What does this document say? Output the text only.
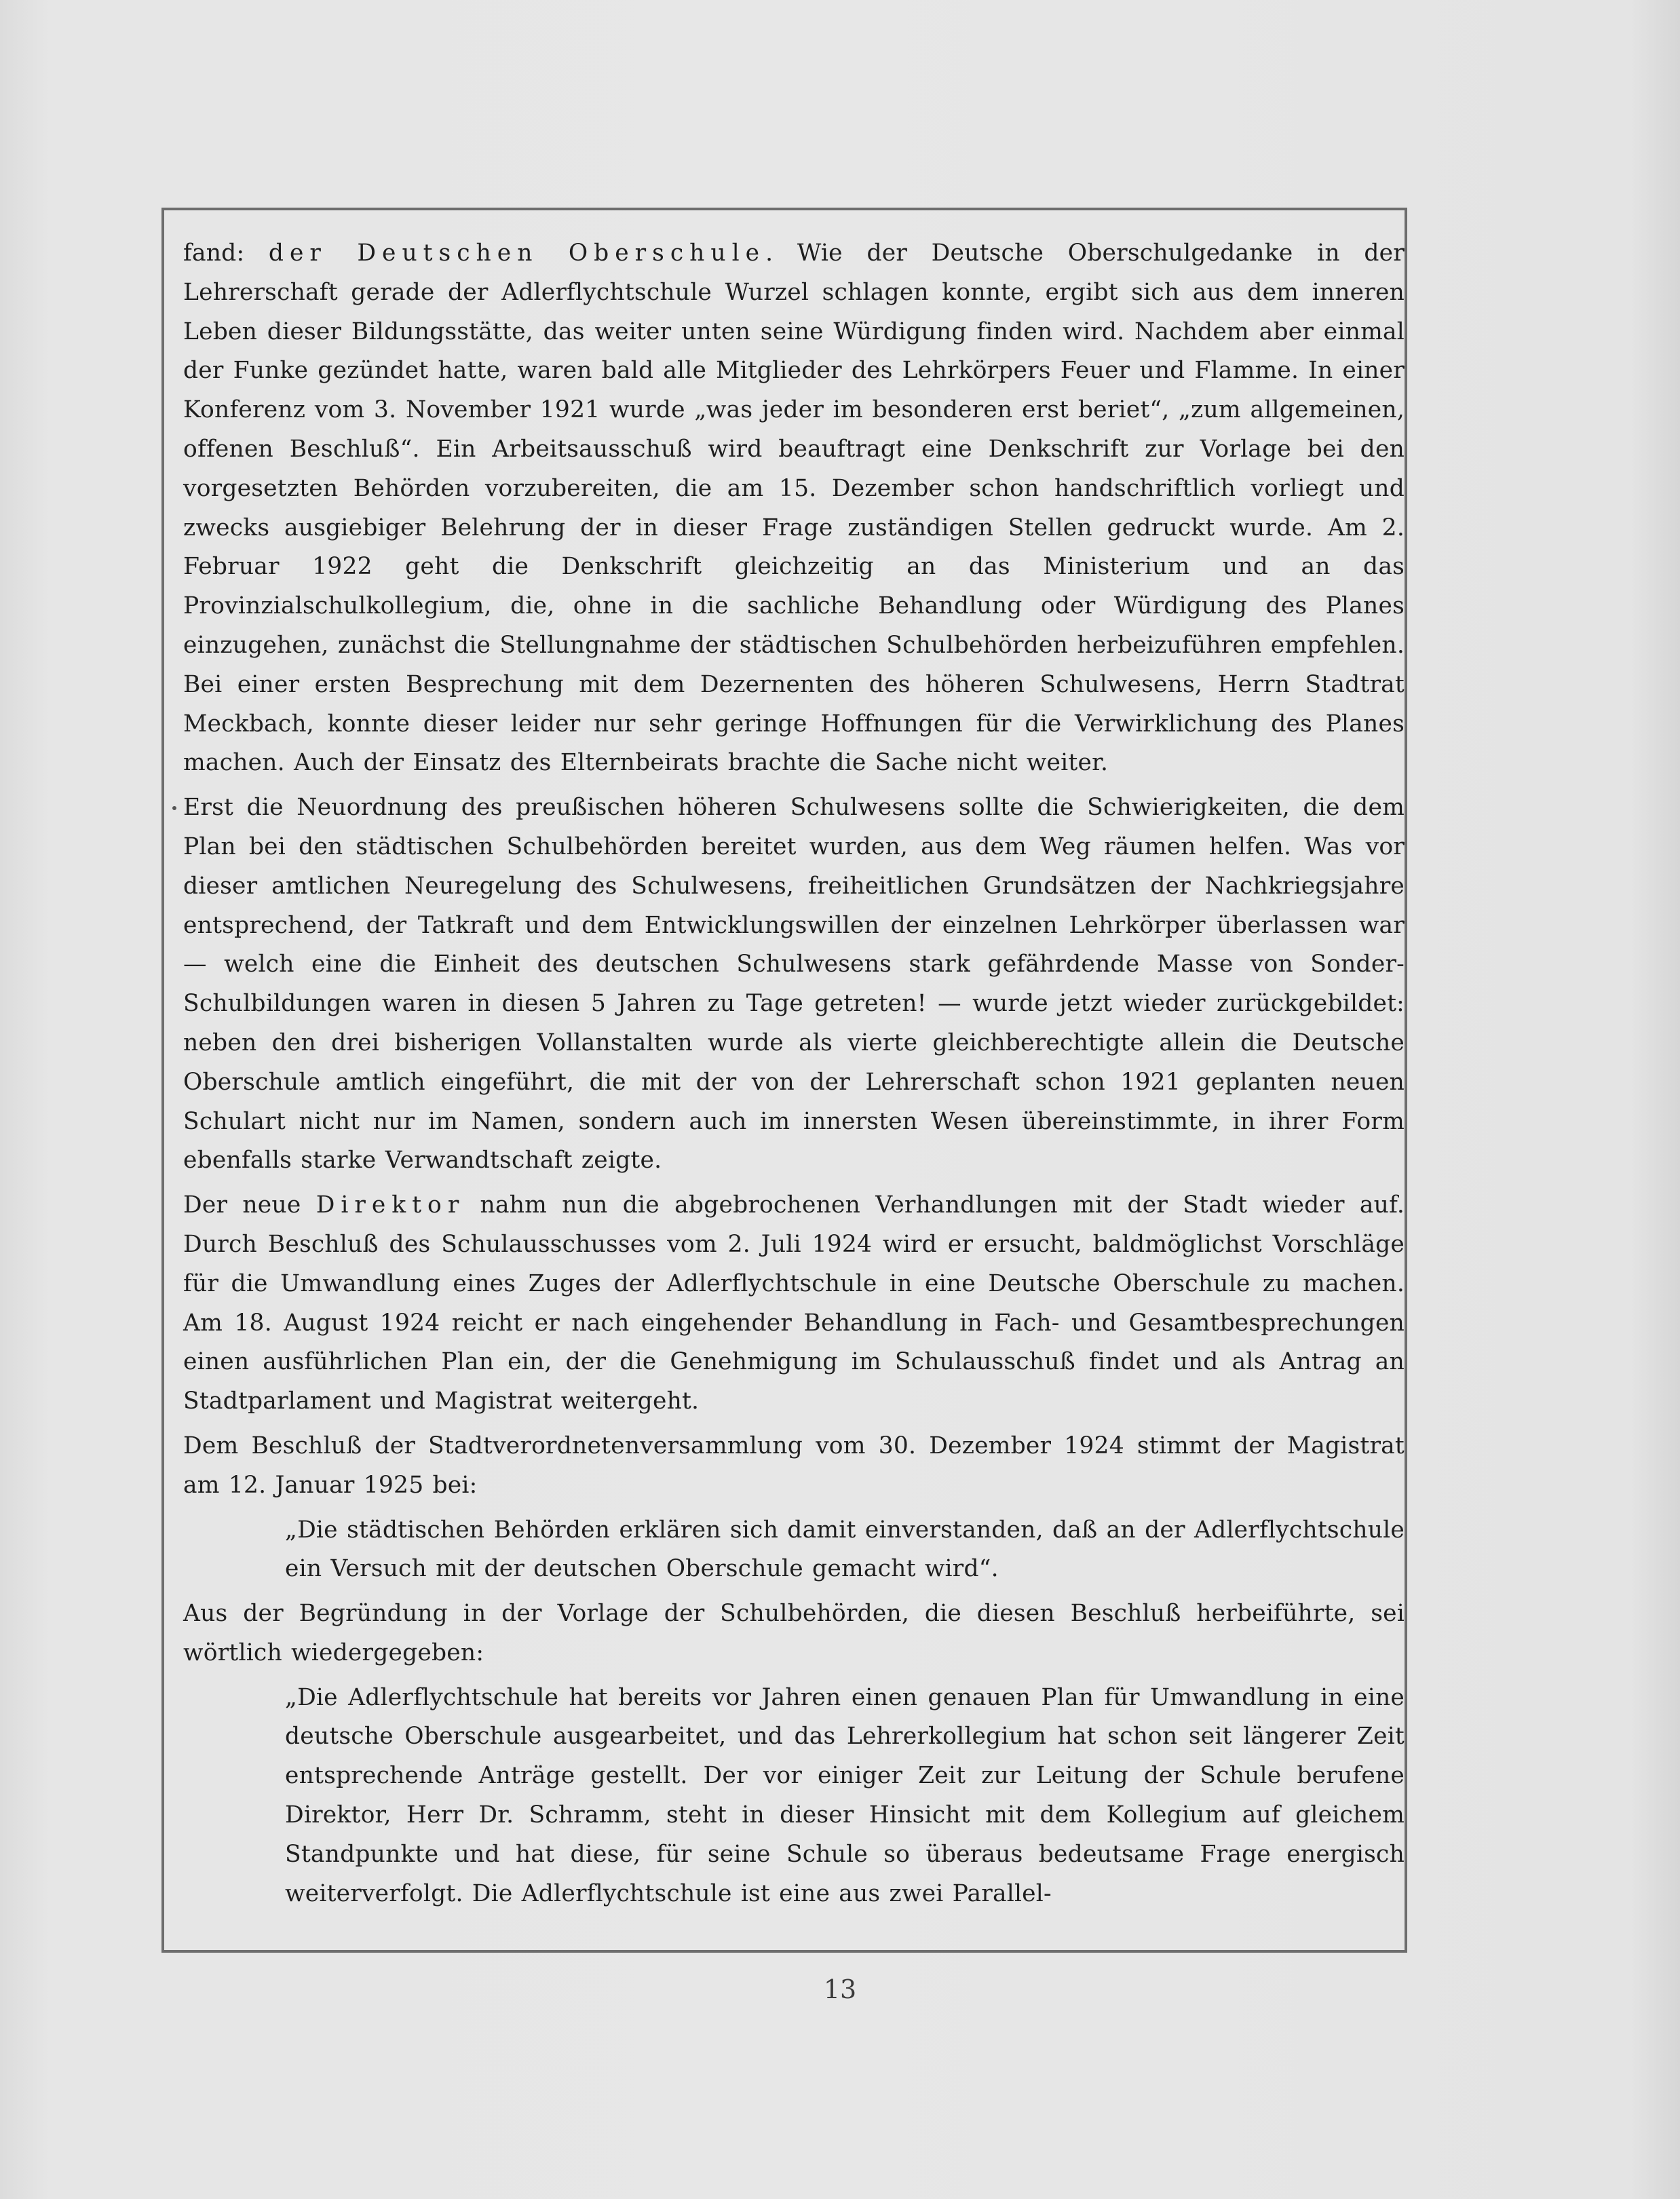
fand: der Deutschen Oberschule. Wie der Deutsche Oberschulgedanke in der Lehrerschaft gerade der Adlerflychtschule Wurzel schlagen konnte, ergibt sich aus dem inneren Leben dieser Bildungsstätte, das weiter unten seine Würdigung finden wird. Nachdem aber einmal der Funke gezündet hatte, waren bald alle Mitglieder des Lehrkörpers Feuer und Flamme. In einer Konferenz vom 3. November 1921 wurde „was jeder im besonderen erst beriet“, „zum allgemeinen, offenen Beschluß“. Ein Arbeitsausschuß wird beauftragt eine Denkschrift zur Vorlage bei den vorgesetzten Behörden vorzubereiten, die am 15. Dezember schon handschriftlich vorliegt und zwecks ausgiebiger Belehrung der in dieser Frage zuständigen Stellen gedruckt wurde. Am 2. Februar 1922 geht die Denkschrift gleichzeitig an das Ministerium und an das Provinzialschulkollegium, die, ohne in die sachliche Behandlung oder Würdigung des Planes einzugehen, zunächst die Stellungnahme der städtischen Schulbehörden herbeizuführen empfehlen. Bei einer ersten Besprechung mit dem Dezernenten des höheren Schulwesens, Herrn Stadtrat Meckbach, konnte dieser leider nur sehr geringe Hoffnungen für die Verwirklichung des Planes machen. Auch der Einsatz des Elternbeirats brachte die Sache nicht weiter.

Erst die Neuordnung des preußischen höheren Schulwesens sollte die Schwierigkeiten, die dem Plan bei den städtischen Schulbehörden bereitet wurden, aus dem Weg räumen helfen. Was vor dieser amtlichen Neuregelung des Schulwesens, freiheitlichen Grundsätzen der Nachkriegsjahre entsprechend, der Tatkraft und dem Entwicklungswillen der einzelnen Lehrkörper überlassen war — welch eine die Einheit des deutschen Schulwesens stark gefährdende Masse von Sonder-Schulbildungen waren in diesen 5 Jahren zu Tage getreten! — wurde jetzt wieder zurückgebildet: neben den drei bisherigen Vollanstalten wurde als vierte gleichberechtigte allein die Deutsche Oberschule amtlich eingeführt, die mit der von der Lehrerschaft schon 1921 geplanten neuen Schulart nicht nur im Namen, sondern auch im innersten Wesen übereinstimmte, in ihrer Form ebenfalls starke Verwandtschaft zeigte.

Der neue Direktor nahm nun die abgebrochenen Verhandlungen mit der Stadt wieder auf. Durch Beschluß des Schulausschusses vom 2. Juli 1924 wird er ersucht, baldmöglichst Vorschläge für die Umwandlung eines Zuges der Adlerflychtschule in eine Deutsche Oberschule zu machen. Am 18. August 1924 reicht er nach eingehender Behandlung in Fach- und Gesamtbesprechungen einen ausführlichen Plan ein, der die Genehmigung im Schulausschuß findet und als Antrag an Stadtparlament und Magistrat weitergeht.

Dem Beschluß der Stadtverordnetenversammlung vom 30. Dezember 1924 stimmt der Magistrat am 12. Januar 1925 bei:

„Die städtischen Behörden erklären sich damit einverstanden, daß an der Adlerflychtschule ein Versuch mit der deutschen Oberschule gemacht wird“.

Aus der Begründung in der Vorlage der Schulbehörden, die diesen Beschluß herbeiführte, sei wörtlich wiedergegeben:

„Die Adlerflychtschule hat bereits vor Jahren einen genauen Plan für Umwandlung in eine deutsche Oberschule ausgearbeitet, und das Lehrerkollegium hat schon seit längerer Zeit entsprechende Anträge gestellt. Der vor einiger Zeit zur Leitung der Schule berufene Direktor, Herr Dr. Schramm, steht in dieser Hinsicht mit dem Kollegium auf gleichem Standpunkte und hat diese, für seine Schule so überaus bedeutsame Frage energisch weiterverfolgt. Die Adlerflychtschule ist eine aus zwei Parallel-

13
